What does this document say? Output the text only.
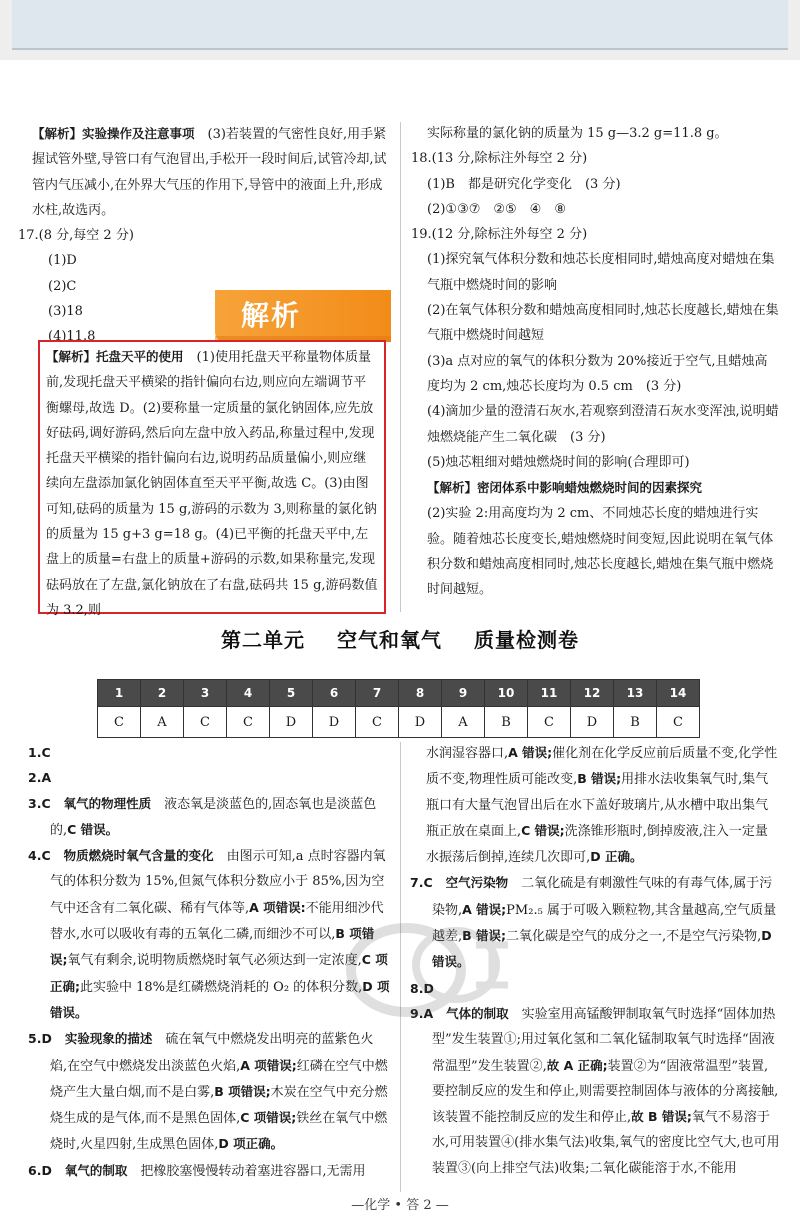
【解析】实验操作及注意事项　 (3)若装置的气密性良好,用手紧握试管外壁,导管口有气泡冒出,手松开一段时间后,试管冷却,试管内气压减小,在外界大气压的作用下,导管中的液面上升,形成水柱,故选丙。

17.(8 分,每空 2 分)

(1)D

(2)C

(3)18

(4)11.8

解析

【解析】托盘天平的使用　 (1)使用托盘天平称量物体质量前,发现托盘天平横梁的指针偏向右边,则应向左端调节平衡螺母,故选 D。(2)要称量一定质量的氯化钠固体,应先放好砝码,调好游码,然后向左盘中放入药品,称量过程中,发现托盘天平横梁的指针偏向右边,说明药品质量偏小,则应继续向左盘添加氯化钠固体直至天平平衡,故选 C。(3)由图可知,砝码的质量为 15 g,游码的示数为 3,则称量的氯化钠的质量为 15 g+3 g=18 g。(4)已平衡的托盘天平中,左盘上的质量=右盘上的质量+游码的示数,如果称量完,发现砝码放在了左盘,氯化钠放在了右盘,砝码共 15 g,游码数值为 3.2,则

实际称量的氯化钠的质量为 15 g—3.2 g=11.8 g。

18.(13 分,除标注外每空 2 分)

(1)B　都是研究化学变化　(3 分)

(2)①③⑦　②⑤　④　⑧

19.(12 分,除标注外每空 2 分)

(1)探究氧气体积分数和烛芯长度相同时,蜡烛高度对蜡烛在集气瓶中燃烧时间的影响

(2)在氧气体积分数和蜡烛高度相同时,烛芯长度越长,蜡烛在集气瓶中燃烧时间越短

(3)a 点对应的氧气的体积分数为 20%接近于空气,且蜡烛高度均为 2 cm,烛芯长度均为 0.5 cm　(3 分)

(4)滴加少量的澄清石灰水,若观察到澄清石灰水变浑浊,说明蜡烛燃烧能产生二氧化碳　(3 分)

(5)烛芯粗细对蜡烛燃烧时间的影响(合理即可)

【解析】密闭体系中影响蜡烛燃烧时间的因素探究

(2)实验 2:用高度均为 2 cm、不同烛芯长度的蜡烛进行实验。随着烛芯长度变长,蜡烛燃烧时间变短,因此说明在氧气体积分数和蜡烛高度相同时,烛芯长度越长,蜡烛在集气瓶中燃烧时间越短。

第二单元 空气和氧气 质量检测卷
1	2	3	4	5	6	7	8	9	10	11	12	13	14
C	A	C	C	D	D	C	D	A	B	C	D	B	C

1.C

2.A

3.C　 氧气的物理性质　 液态氧是淡蓝色的,固态氧也是淡蓝色的,C 错误。

4.C　 物质燃烧时氧气含量的变化　 由图示可知,a 点时容器内氧气的体积分数为 15%,但氮气体积分数应小于 85%,因为空气中还含有二氧化碳、稀有气体等,A 项错误:不能用细沙代替水,水可以吸收有毒的五氧化二磷,而细沙不可以,B 项错误;氧气有剩余,说明物质燃烧时氧气必须达到一定浓度,C 项正确;此实验中 18%是红磷燃烧消耗的 O₂ 的体积分数,D 项错误。

5.D　 实验现象的描述　 硫在氧气中燃烧发出明亮的蓝紫色火焰,在空气中燃烧发出淡蓝色火焰,A 项错误;红磷在空气中燃烧产生大量白烟,而不是白雾,B 项错误;木炭在空气中充分燃烧生成的是气体,而不是黑色固体,C 项错误;铁丝在氧气中燃烧时,火星四射,生成黑色固体,D 项正确。

6.D　 氧气的制取　 把橡胶塞慢慢转动着塞进容器口,无需用

水润湿容器口,A 错误;催化剂在化学反应前后质量不变,化学性质不变,物理性质可能改变,B 错误;用排水法收集氧气时,集气瓶口有大量气泡冒出后在水下盖好玻璃片,从水槽中取出集气瓶正放在桌面上,C 错误;洗涤锥形瓶时,倒掉废液,注入一定量水振荡后倒掉,连续几次即可,D 正确。

7.C　 空气污染物　 二氧化硫是有刺激性气味的有毒气体,属于污染物,A 错误;PM₂.₅ 属于可吸入颗粒物,其含量越高,空气质量越差,B 错误;二氧化碳是空气的成分之一,不是空气污染物,D 错误。

8.D

9.A　 气体的制取　 实验室用高锰酸钾制取氧气时选择“固体加热型”发生装置①;用过氧化氢和二氧化锰制取氧气时选择“固液常温型”发生装置②,故 A 正确;装置②为“固液常温型”装置,要控制反应的发生和停止,则需要控制固体与液体的分离接触,该装置不能控制反应的发生和停止,故 B 错误;氧气不易溶于水,可用装置④(排水集气法)收集,氧气的密度比空气大,也可用装置③(向上排空气法)收集;二氧化碳能溶于水,不能用

—化学 • 答 2 —
